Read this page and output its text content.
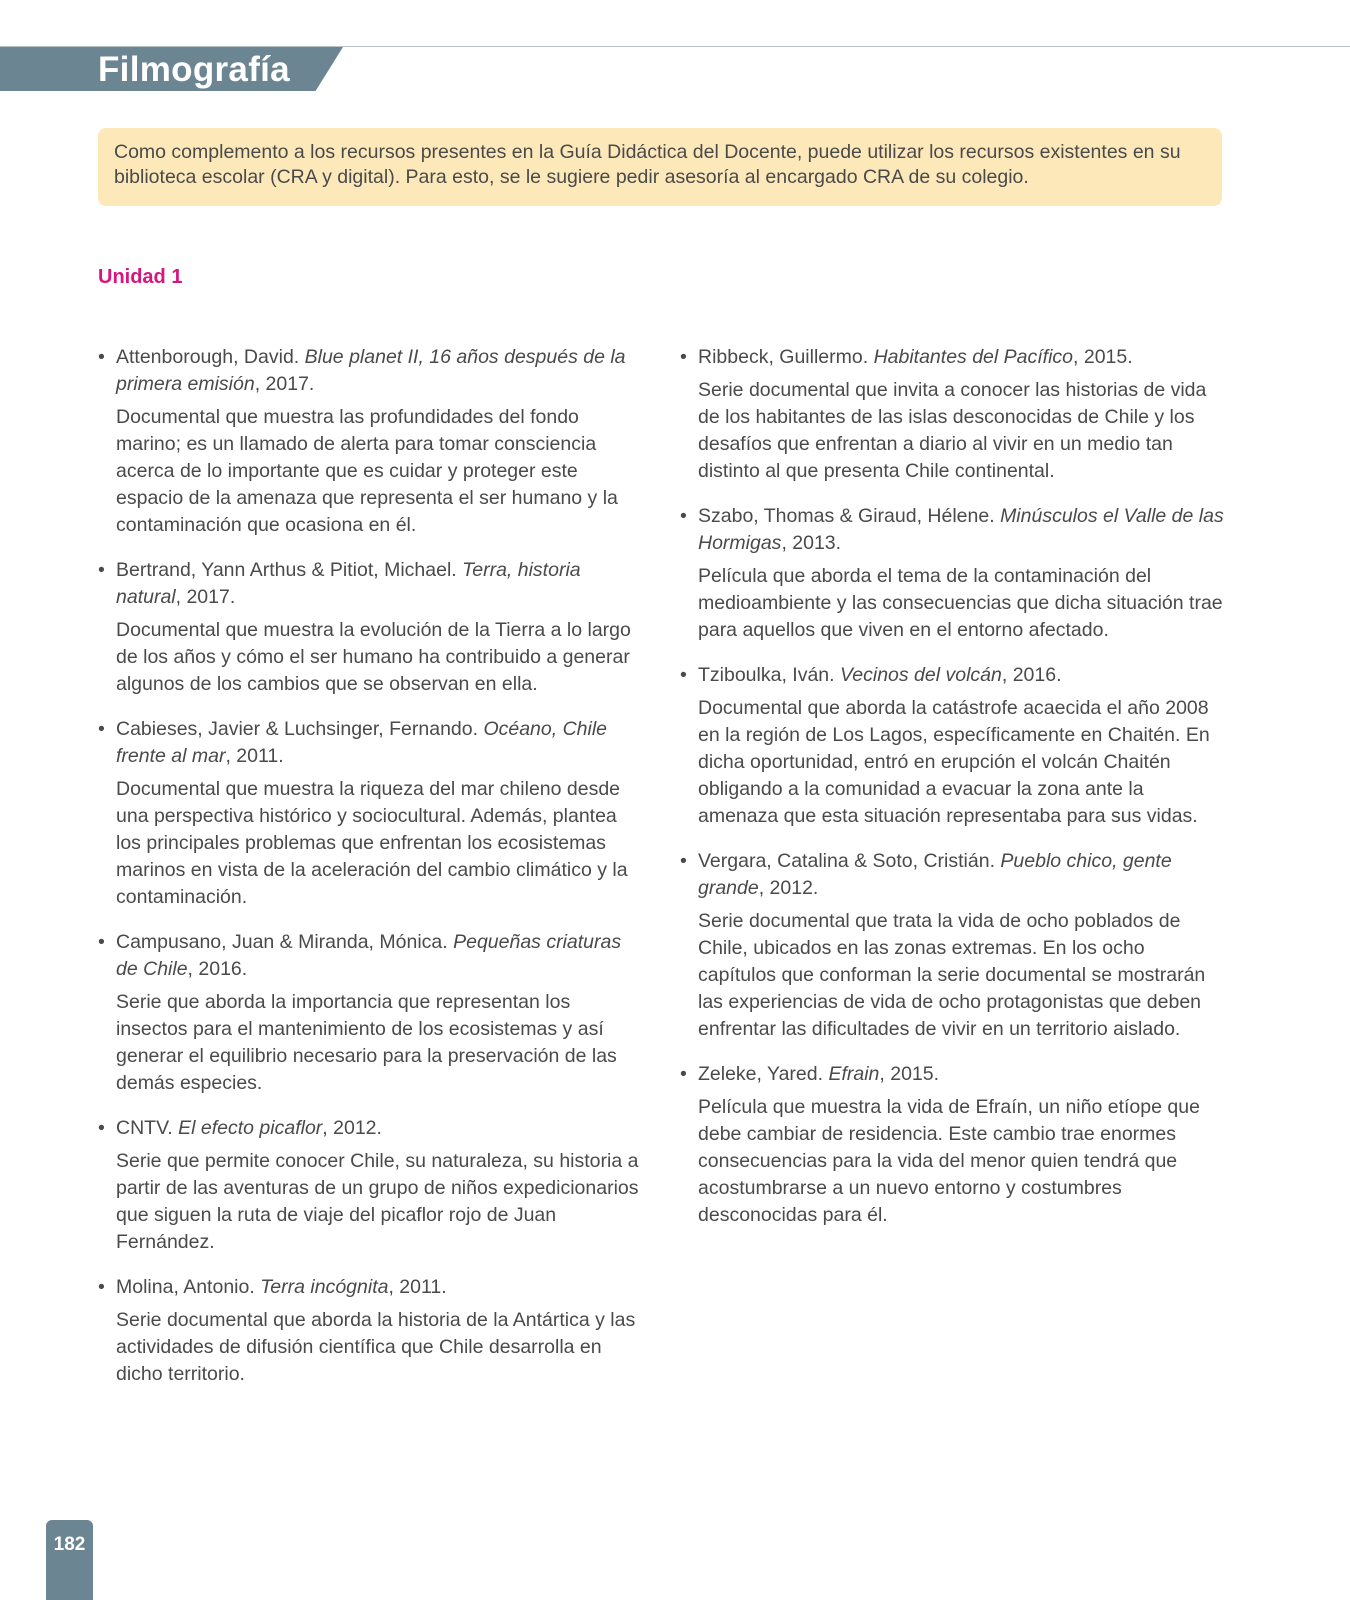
Filmografía
Como complemento a los recursos presentes en la Guía Didáctica del Docente, puede utilizar los recursos existentes en su biblioteca escolar (CRA y digital). Para esto, se le sugiere pedir asesoría al encargado CRA de su colegio.
Unidad 1
• Attenborough, David. Blue planet II, 16 años después de la primera emisión, 2017.

Documental que muestra las profundidades del fondo marino; es un llamado de alerta para tomar consciencia acerca de lo importante que es cuidar y proteger este espacio de la amenaza que representa el ser humano y la contaminación que ocasiona en él.

• Bertrand, Yann Arthus & Pitiot, Michael. Terra, historia natural, 2017.

Documental que muestra la evolución de la Tierra a lo largo de los años y cómo el ser humano ha contribuido a generar algunos de los cambios que se observan en ella.

• Cabieses, Javier & Luchsinger, Fernando. Océano, Chile frente al mar, 2011.

Documental que muestra la riqueza del mar chileno desde una perspectiva histórico y sociocultural. Además, plantea los principales problemas que enfrentan los ecosistemas marinos en vista de la aceleración del cambio climático y la contaminación.

• Campusano, Juan & Miranda, Mónica. Pequeñas criaturas de Chile, 2016.

Serie que aborda la importancia que representan los insectos para el mantenimiento de los ecosistemas y así generar el equilibrio necesario para la preservación de las demás especies.

• CNTV. El efecto picaflor, 2012.

Serie que permite conocer Chile, su naturaleza, su historia a partir de las aventuras de un grupo de niños expedicionarios que siguen la ruta de viaje del picaflor rojo de Juan Fernández.

• Molina, Antonio. Terra incógnita, 2011.

Serie documental que aborda la historia de la Antártica y las actividades de difusión científica que Chile desarrolla en dicho territorio.

• Ribbeck, Guillermo. Habitantes del Pacífico, 2015.

Serie documental que invita a conocer las historias de vida de los habitantes de las islas desconocidas de Chile y los desafíos que enfrentan a diario al vivir en un medio tan distinto al que presenta Chile continental.

• Szabo, Thomas & Giraud, Hélene. Minúsculos el Valle de las Hormigas, 2013.

Película que aborda el tema de la contaminación del medioambiente y las consecuencias que dicha situación trae para aquellos que viven en el entorno afectado.

• Tziboulka, Iván. Vecinos del volcán, 2016.

Documental que aborda la catástrofe acaecida el año 2008 en la región de Los Lagos, específicamente en Chaitén. En dicha oportunidad, entró en erupción el volcán Chaitén obligando a la comunidad a evacuar la zona ante la amenaza que esta situación representaba para sus vidas.

• Vergara, Catalina & Soto, Cristián. Pueblo chico, gente grande, 2012.

Serie documental que trata la vida de ocho poblados de Chile, ubicados en las zonas extremas. En los ocho capítulos que conforman la serie documental se mostrarán las experiencias de vida de ocho protagonistas que deben enfrentar las dificultades de vivir en un territorio aislado.

• Zeleke, Yared. Efrain, 2015.

Película que muestra la vida de Efraín, un niño etíope que debe cambiar de residencia. Este cambio trae enormes consecuencias para la vida del menor quien tendrá que acostumbrarse a un nuevo entorno y costumbres desconocidas para él.

182
